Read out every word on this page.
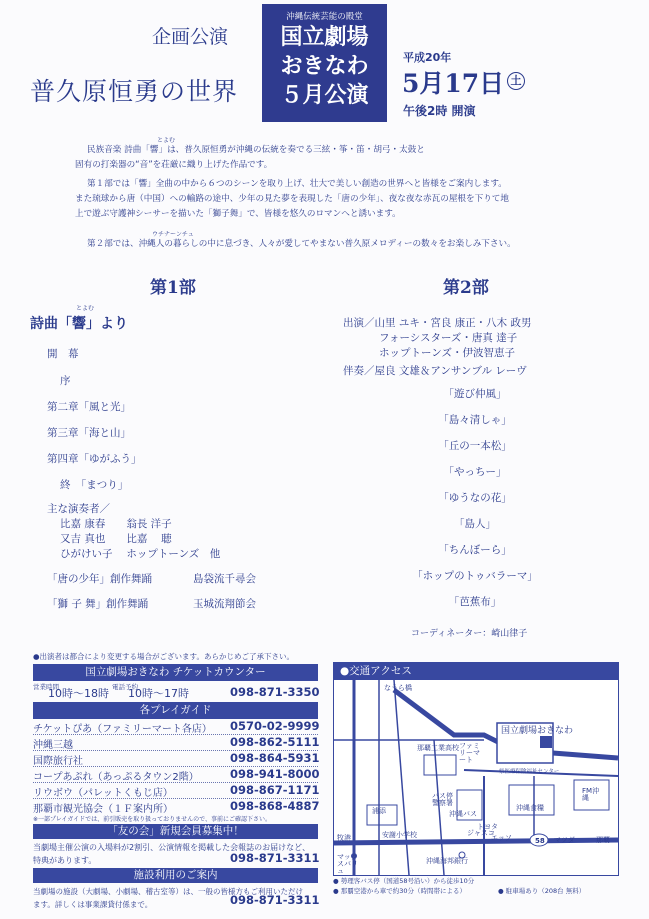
企画公演
普久原恒勇の世界
沖縄伝統芸能の殿堂
国立劇場
おきなわ
５月公演
平成20年
5月17日 土
午後2時 開演
とよむ
民族音楽 詩曲「響」は、普久原恒勇が沖縄の伝統を奏でる三絃・筝・笛・胡弓・太鼓と
固有の打楽器の“音”を荘厳に織り上げた作品です。
第１部では「響」全曲の中から６つのシーンを取り上げ、壮大で美しい創造の世界へと皆様をご案内します。
また琉球から唐（中国）への輸路の途中、少年の見た夢を表現した「唐の少年」、夜な夜な赤瓦の屋根を下りて地
上で遊ぶ守護神シーサーを描いた「獅子舞」で、皆様を悠久のロマンへと誘います。
ウチナーンチュ
第２部では、沖縄人の暮らしの中に息づき、人々が愛してやまない普久原メロディーの数々をお楽しみ下さい。
第1部
とよむ
詩曲「響」より
開　幕
序
第二章「風と光」
第三章「海と山」
第四章「ゆがふう」
終　「まつり」
主な演奏者／
比嘉 康春　　翁長 洋子
又吉 真也　　比嘉　 聴
ひがけい子　 ホップトーンズ　他
「唐の少年」創作舞踊	島袋流千尋会
「獅 子 舞」創作舞踊	玉城流翔節会
第2部
出演／山里 ユキ・宮良 康正・八木 政男
フォーシスターズ・唐真 達子
ホップトーンズ・伊波智恵子
伴奏／屋良 文雄＆アンサンブル レーヴ
「遊び仲風」
「島々清しゃ」
「丘の一本松」
「やっちー」
「ゆうなの花」
「島人」
「ちんぼーら」
「ホップのトゥバラーマ」
「芭蕉布」
コーディネーター：崎山律子
●出演者は都合により変更する場合がございます。あらかじめご了承下さい。
国立劇場おきなわ チケットカウンター
営業時間
10時～18時 電話予約
10時～17時	098-871-3350
各プレイガイド
チケットぴあ（ファミリーマート各店） 0570-02-9999
沖縄三越	098-862-5111
国際旅行社	098-864-5931
コープあぷれ（あっぷるタウン2階）	098-941-8000
リウボウ（パレットくもじ店）	098-867-1171
那覇市観光協会（１Ｆ案内所）	098-868-4887
※一部プレイガイドでは、前引販売を取り扱っておりませんので、事前にご確認下さい。
「友の会」新規会員募集中！
当劇場主催公演の入場料が2割引、公演情報を掲載した会報誌のお届けなど、
特典があります。	098-871-3311
施設利用のご案内
当劇場の施設（大劇場、小劇場、稽古室等）は、一般の皆様方もご利用いただけ
ます。詳しくは事業課貸付係まで。	098-871-3311
●交通アクセス
なうら橋
国立劇場おきなわ
P
那覇工業高校 ファミリーマート
県医療保険福祉センター
FM沖縄
沖縄バス
バス停 警察署
沖縄食糧
浦添
58
ジャスコ
エッソ	マツダ
トヨタ
安謝小学校
牧港	那覇
沖縄海邦銀行
マックスバリュ
● 勢理客バス停（国道58号沿い）から徒歩10分
● 那覇空港から車で約30分（時間帯による）	● 駐車場あり（208台 無料）
